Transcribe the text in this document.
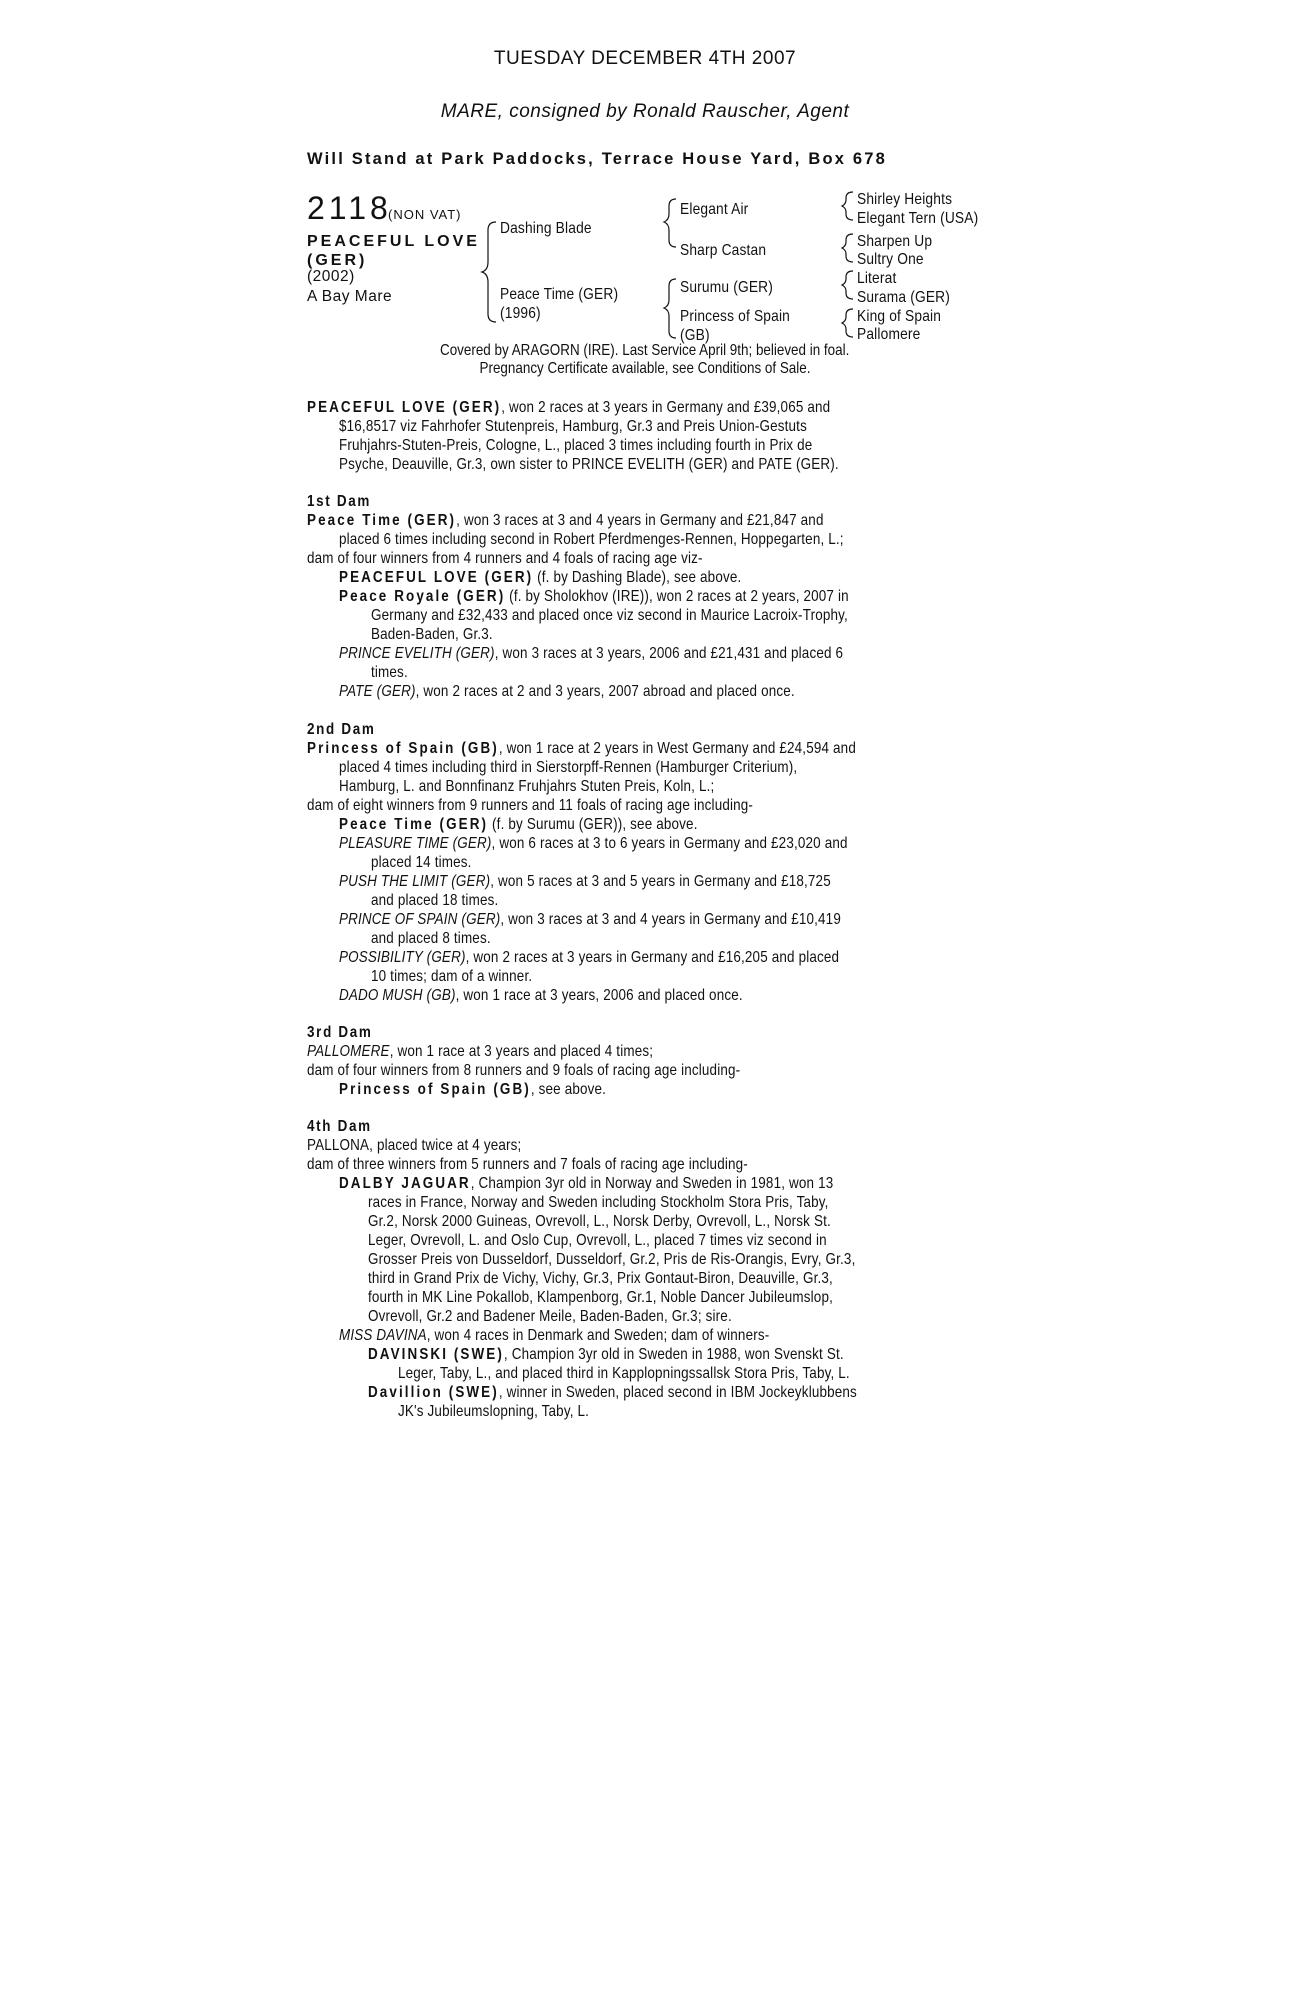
TUESDAY DECEMBER 4TH 2007
MARE, consigned by Ronald Rauscher, Agent
Will Stand at Park Paddocks, Terrace House Yard, Box 678
2118
(NON VAT)
PEACEFUL LOVE
(GER)
(2002)
A Bay Mare
Dashing Blade
Peace Time (GER)
(1996)
Elegant Air
Sharp Castan
Surumu (GER)
Princess of Spain
(GB)
Shirley Heights
Elegant Tern (USA)
Sharpen Up
Sultry One
Literat
Surama (GER)
King of Spain
Pallomere
Covered by ARAGORN (IRE). Last Service April 9th; believed in foal.
Pregnancy Certificate available, see Conditions of Sale.
PEACEFUL LOVE (GER), won 2 races at 3 years in Germany and £39,065 and
$16,8517 viz Fahrhofer Stutenpreis, Hamburg, Gr.3 and Preis Union-Gestuts
Fruhjahrs-Stuten-Preis, Cologne, L., placed 3 times including fourth in Prix de
Psyche, Deauville, Gr.3, own sister to PRINCE EVELITH (GER) and PATE (GER).
1st Dam
Peace Time (GER), won 3 races at 3 and 4 years in Germany and £21,847 and
placed 6 times including second in Robert Pferdmenges-Rennen, Hoppegarten, L.;
dam of four winners from 4 runners and 4 foals of racing age viz-
PEACEFUL LOVE (GER) (f. by Dashing Blade), see above.
Peace Royale (GER) (f. by Sholokhov (IRE)), won 2 races at 2 years, 2007 in
Germany and £32,433 and placed once viz second in Maurice Lacroix-Trophy,
Baden-Baden, Gr.3.
PRINCE EVELITH (GER), won 3 races at 3 years, 2006 and £21,431 and placed 6
times.
PATE (GER), won 2 races at 2 and 3 years, 2007 abroad and placed once.
2nd Dam
Princess of Spain (GB), won 1 race at 2 years in West Germany and £24,594 and
placed 4 times including third in Sierstorpff-Rennen (Hamburger Criterium),
Hamburg, L. and Bonnfinanz Fruhjahrs Stuten Preis, Koln, L.;
dam of eight winners from 9 runners and 11 foals of racing age including-
Peace Time (GER) (f. by Surumu (GER)), see above.
PLEASURE TIME (GER), won 6 races at 3 to 6 years in Germany and £23,020 and
placed 14 times.
PUSH THE LIMIT (GER), won 5 races at 3 and 5 years in Germany and £18,725
and placed 18 times.
PRINCE OF SPAIN (GER), won 3 races at 3 and 4 years in Germany and £10,419
and placed 8 times.
POSSIBILITY (GER), won 2 races at 3 years in Germany and £16,205 and placed
10 times; dam of a winner.
DADO MUSH (GB), won 1 race at 3 years, 2006 and placed once.
3rd Dam
PALLOMERE, won 1 race at 3 years and placed 4 times;
dam of four winners from 8 runners and 9 foals of racing age including-
Princess of Spain (GB), see above.
4th Dam
PALLONA, placed twice at 4 years;
dam of three winners from 5 runners and 7 foals of racing age including-
DALBY JAGUAR, Champion 3yr old in Norway and Sweden in 1981, won 13
races in France, Norway and Sweden including Stockholm Stora Pris, Taby,
Gr.2, Norsk 2000 Guineas, Ovrevoll, L., Norsk Derby, Ovrevoll, L., Norsk St.
Leger, Ovrevoll, L. and Oslo Cup, Ovrevoll, L., placed 7 times viz second in
Grosser Preis von Dusseldorf, Dusseldorf, Gr.2, Pris de Ris-Orangis, Evry, Gr.3,
third in Grand Prix de Vichy, Vichy, Gr.3, Prix Gontaut-Biron, Deauville, Gr.3,
fourth in MK Line Pokallob, Klampenborg, Gr.1, Noble Dancer Jubileumslop,
Ovrevoll, Gr.2 and Badener Meile, Baden-Baden, Gr.3; sire.
MISS DAVINA, won 4 races in Denmark and Sweden; dam of winners-
DAVINSKI (SWE), Champion 3yr old in Sweden in 1988, won Svenskt St.
Leger, Taby, L., and placed third in Kapplopningssallsk Stora Pris, Taby, L.
Davillion (SWE), winner in Sweden, placed second in IBM Jockeyklubbens
JK's Jubileumslopning, Taby, L.
